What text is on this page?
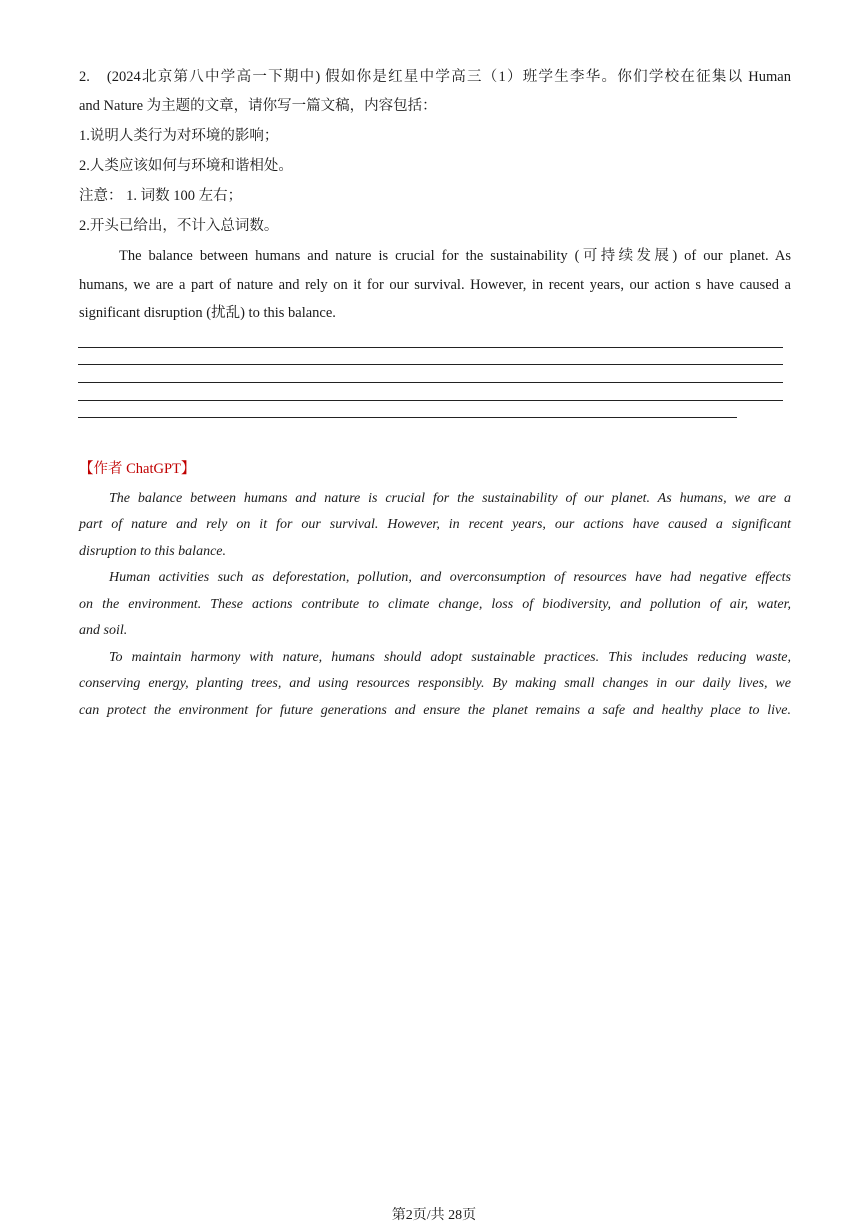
2.　(2024北京第八中学高一下期中) 假如你是红星中学高三（1）班学生李华。你们学校在征集以 Human
and Nature 为主题的文章，请你写一篇文稿，内容包括：
1.说明人类行为对环境的影响；
2.人类应该如何与环境和谐相处。
注意： 1. 词数 100 左右；
2.开头已给出，不计入总词数。
The balance between humans and nature is crucial for the sustainability (可持续发展) of our planet. As
humans, we are a part of nature and rely on it for our survival. However, in recent years, our action s have caused a
significant disruption (扰乱) to this balance.
【作者 ChatGPT】
The balance between humans and nature is crucial for the sustainability of our planet. As humans, we are a
part of nature and rely on it for our survival. However, in recent years, our actions have caused a significant
disruption to this balance.
Human activities such as deforestation, pollution, and overconsumption of resources have had negative effects
on the environment. These actions contribute to climate change, loss of biodiversity, and pollution of air, water,
and soil.
To maintain harmony with nature, humans should adopt sustainable practices. This includes reducing waste,
conserving energy, planting trees, and using resources responsibly. By making small changes in our daily lives, we
can protect the environment for future generations and ensure the planet remains a safe and healthy place to live.
第2页/共 28页
